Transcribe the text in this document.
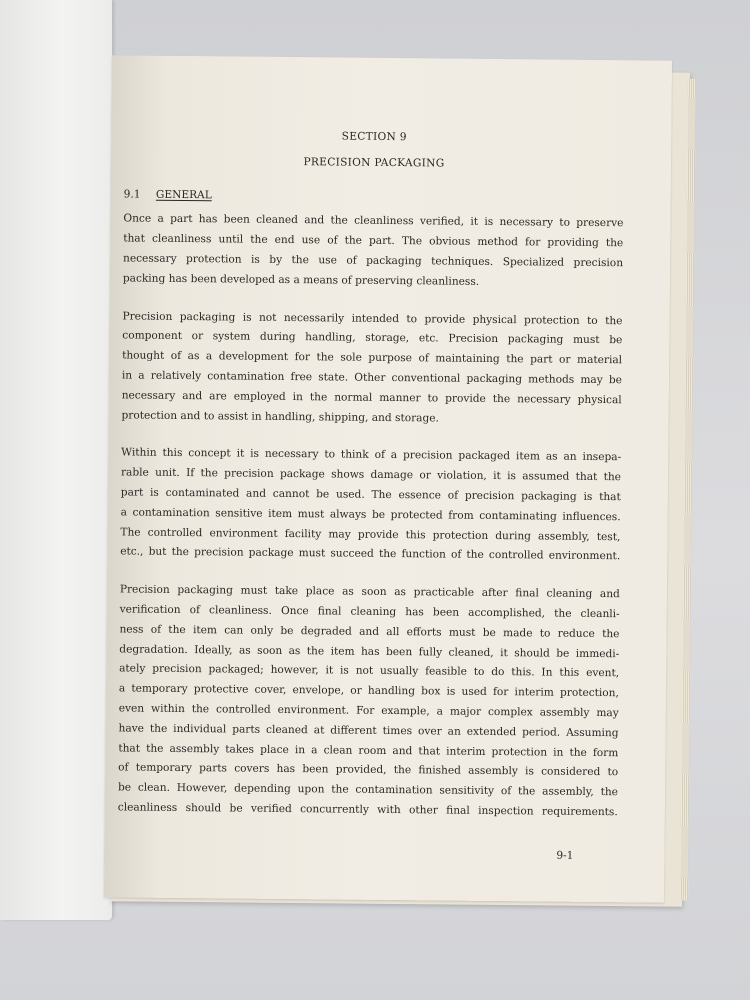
SECTION 9
PRECISION PACKAGING
9.1 GENERAL
Once a part has been cleaned and the cleanliness verified, it is necessary to preserve
that cleanliness until the end use of the part. The obvious method for providing the
necessary protection is by the use of packaging techniques. Specialized precision
packing has been developed as a means of preserving cleanliness.
Precision packaging is not necessarily intended to provide physical protection to the
component or system during handling, storage, etc. Precision packaging must be
thought of as a development for the sole purpose of maintaining the part or material
in a relatively contamination free state. Other conventional packaging methods may be
necessary and are employed in the normal manner to provide the necessary physical
protection and to assist in handling, shipping, and storage.
Within this concept it is necessary to think of a precision packaged item as an insepa-
rable unit. If the precision package shows damage or violation, it is assumed that the
part is contaminated and cannot be used. The essence of precision packaging is that
a contamination sensitive item must always be protected from contaminating influences.
The controlled environment facility may provide this protection during assembly, test,
etc., but the precision package must succeed the function of the controlled environment.
Precision packaging must take place as soon as practicable after final cleaning and
verification of cleanliness. Once final cleaning has been accomplished, the cleanli-
ness of the item can only be degraded and all efforts must be made to reduce the
degradation. Ideally, as soon as the item has been fully cleaned, it should be immedi-
ately precision packaged; however, it is not usually feasible to do this. In this event,
a temporary protective cover, envelope, or handling box is used for interim protection,
even within the controlled environment. For example, a major complex assembly may
have the individual parts cleaned at different times over an extended period. Assuming
that the assembly takes place in a clean room and that interim protection in the form
of temporary parts covers has been provided, the finished assembly is considered to
be clean. However, depending upon the contamination sensitivity of the assembly, the
cleanliness should be verified concurrently with other final inspection requirements.
9-1
